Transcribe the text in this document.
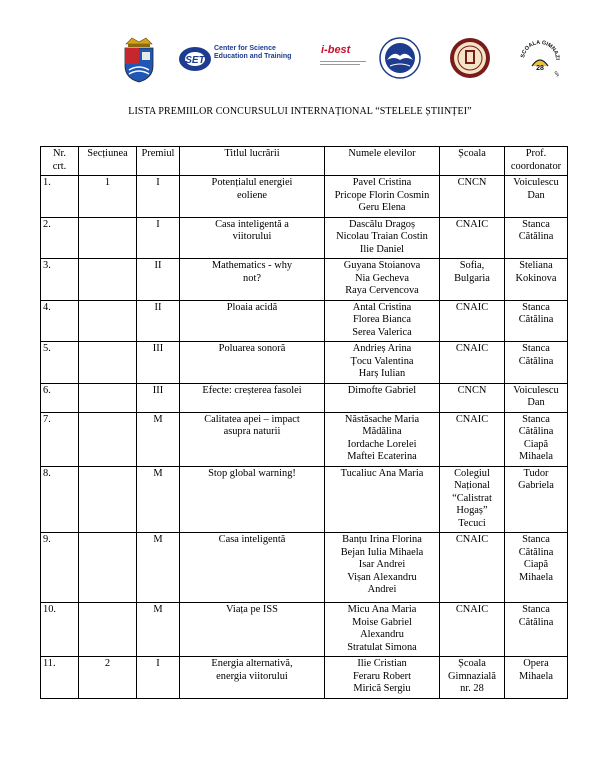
SET
Center for Science Education and Training
i-best
SCOALA GIMNAZI
28
NR.
LISTA PREMIILOR CONCURSULUI INTERNAȚIONAL “STELELE ȘTIINȚEI”
Nr.
crt.	Secțiunea	Premiul	Titlul lucrării	Numele elevilor	Școala	Prof.
coordonator

1.	1	I	Potențialul energiei
eoliene	Pavel Cristina
Pricope Florin Cosmin
Geru Elena	CNCN	Voiculescu
Dan

2.		I	Casa inteligentă a
viitorului	Dascălu Dragoș
Nicolau Traian Costin
Ilie Daniel	CNAIC	Stanca
Cătălina

3.		II	Mathematics - why
not?	Guyana Stoianova
Nia Gecheva
Raya Cervencova	Sofia,
Bulgaria	Steliana
Kokinova

4.		II	Ploaia acidă	Antal Cristina
Florea Bianca
Serea Valerica	CNAIC	Stanca
Cătălina

5.		III	Poluarea sonoră	Andrieș Arina
Țocu Valentina
Harș Iulian	CNAIC	Stanca
Cătălina

6.		III	Efecte: creșterea fasolei	Dimofte Gabriel	CNCN	Voiculescu
Dan

7.		M	Calitatea apei – impact
asupra naturii	Năstăsache Maria
Mădălina
Iordache Lorelei
Maftei Ecaterina	CNAIC	Stanca
Cătălina
Ciapă
Mihaela

8.		M	Stop global warning!	Tucaliuc Ana Maria	Colegiul
Național
“Calistrat
Hogaș”
Tecuci	Tudor
Gabriela

9.		M	Casa inteligentă	Banțu Irina Florina
Bejan Iulia Mihaela
Isar Andrei
Vișan Alexandru
Andrei	CNAIC	Stanca
Cătălina
Ciapă
Mihaela

10.		M	Viața pe ISS	Micu Ana Maria
Moise Gabriel
Alexandru
Stratulat Simona	CNAIC	Stanca
Cătălina

11.	2	I	Energia alternativă,
energia viitorului	Ilie Cristian
Feraru Robert
Mirică Sergiu	Școala
Gimnazială
nr. 28	Opera
Mihaela
